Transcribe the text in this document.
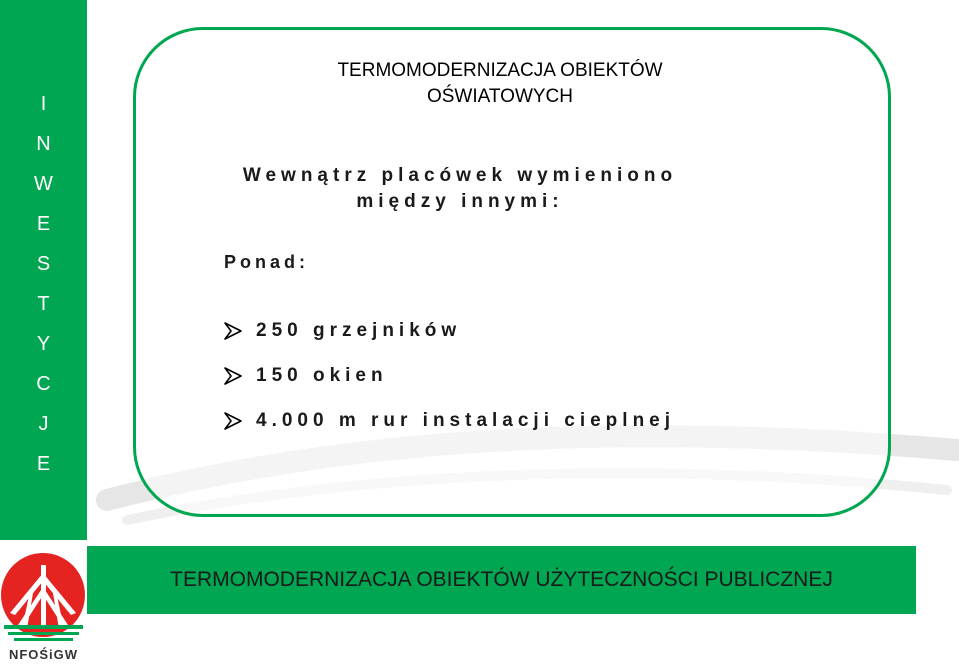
I
N
W
E
S
T
Y
C
J
E
TERMOMODERNIZACJA OBIEKTÓW
OŚWIATOWYCH
Wewnątrz placówek wymieniono
między innymi:
Ponad:
250 grzejników
150 okien
4.000 m rur instalacji cieplnej
TERMOMODERNIZACJA OBIEKTÓW UŻYTECZNOŚCI PUBLICZNEJ
NFOŚiGW
